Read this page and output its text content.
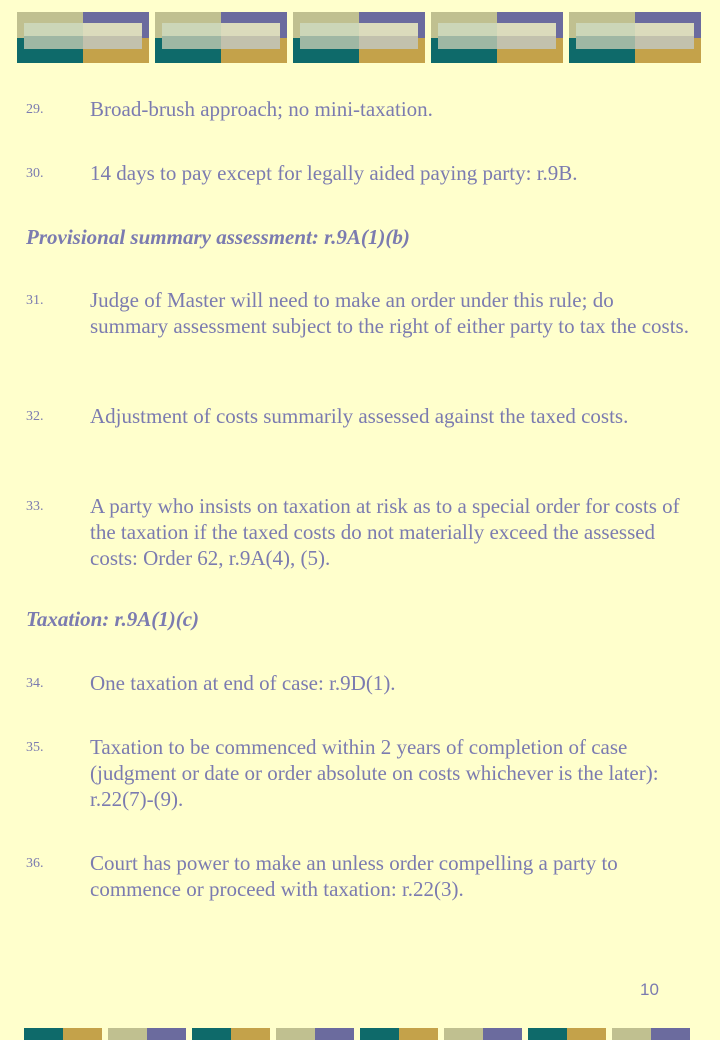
29.	Broad-brush approach; no mini-taxation.
30.	14 days to pay except for legally aided paying party: r.9B.
Provisional summary assessment: r.9A(1)(b)
31.	Judge of Master will need to make an order under this rule; do summary assessment subject to the right of either party to tax the costs.
32.	Adjustment of costs summarily assessed against the taxed costs.
33.	A party who insists on taxation at risk as to a special order for costs of the taxation if the taxed costs do not materially exceed the assessed costs: Order 62, r.9A(4), (5).
Taxation: r.9A(1)(c)
34.	One taxation at end of case: r.9D(1).
35.	Taxation to be commenced within 2 years of completion of case (judgment or date or order absolute on costs whichever is the later): r.22(7)-(9).
36.	Court has power to make an unless order compelling a party to commence or proceed with taxation: r.22(3).
10
